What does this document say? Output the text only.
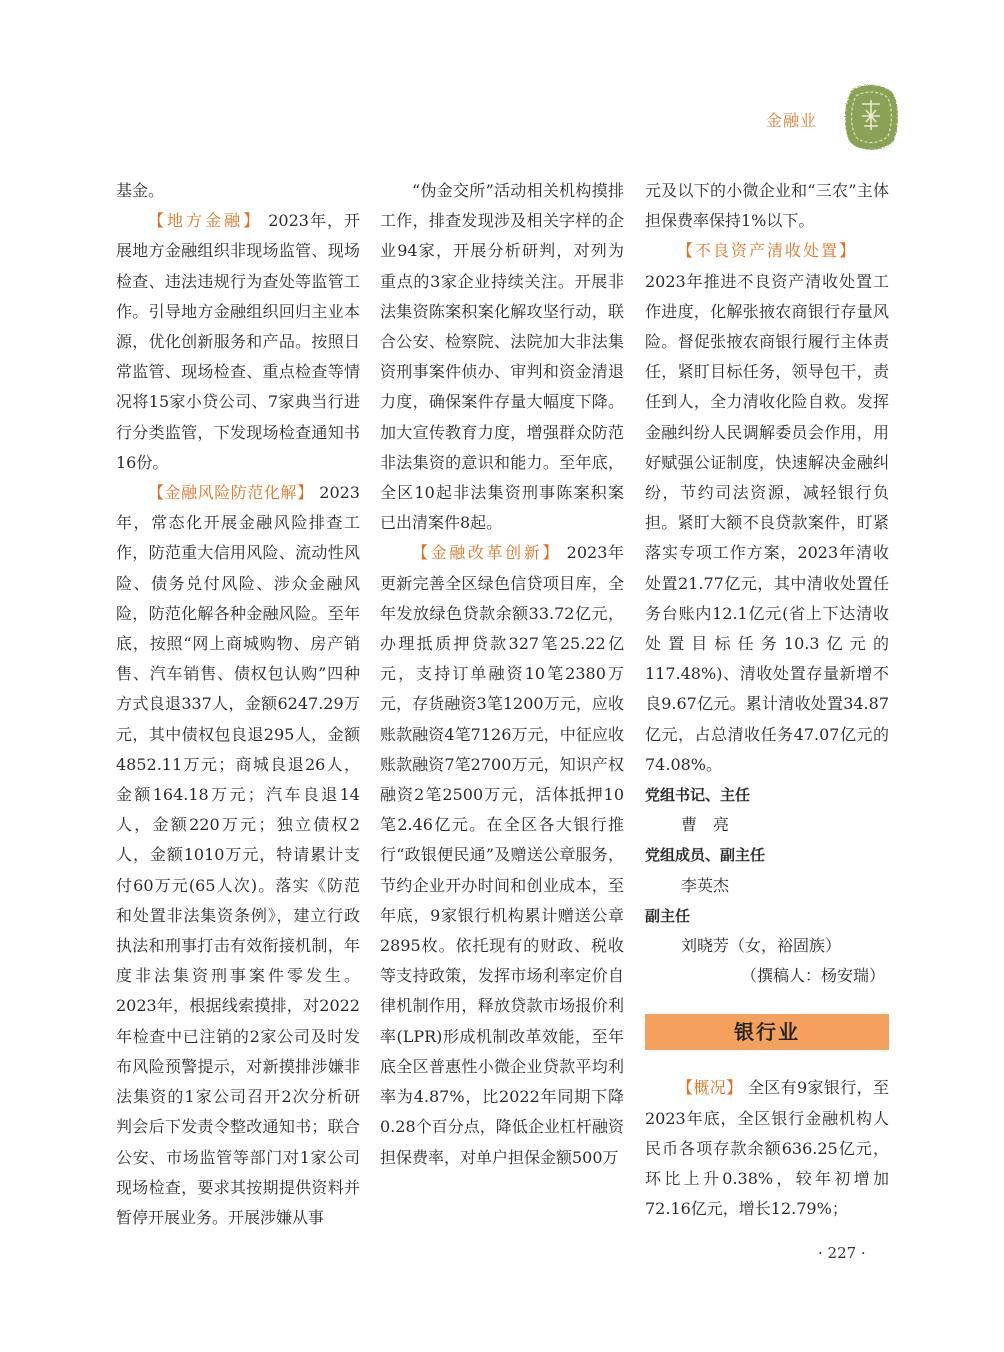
金融业

基金。

【地方金融】 2023年，开展地方金融组织非现场监管、现场检查、违法违规行为查处等监管工作。引导地方金融组织回归主业本源，优化创新服务和产品。按照日常监管、现场检查、重点检查等情况将15家小贷公司、7家典当行进行分类监管，下发现场检查通知书16份。

【金融风险防范化解】 2023年，常态化开展金融风险排查工作，防范重大信用风险、流动性风险、债务兑付风险、涉众金融风险，防范化解各种金融风险。至年底，按照“网上商城购物、房产销售、汽车销售、债权包认购”四种方式良退337人，金额6247.29万元，其中债权包良退295人，金额4852.11万元；商城良退26人，金额164.18万元；汽车良退14人，金额220万元；独立债权2人，金额1010万元，特请累计支付60万元(65人次)。落实《防范和处置非法集资条例》，建立行政执法和刑事打击有效衔接机制，年度非法集资刑事案件零发生。2023年，根据线索摸排，对2022年检查中已注销的2家公司及时发布风险预警提示，对新摸排涉嫌非法集资的1家公司召开2次分析研判会后下发责令整改通知书；联合公安、市场监管等部门对1家公司现场检查，要求其按期提供资料并暂停开展业务。开展涉嫌从事

“伪金交所”活动相关机构摸排工作，排查发现涉及相关字样的企业94家，开展分析研判，对列为重点的3家企业持续关注。开展非法集资陈案积案化解攻坚行动，联合公安、检察院、法院加大非法集资刑事案件侦办、审判和资金清退力度，确保案件存量大幅度下降。加大宣传教育力度，增强群众防范非法集资的意识和能力。至年底，全区10起非法集资刑事陈案积案已出清案件8起。

【金融改革创新】 2023年更新完善全区绿色信贷项目库，全年发放绿色贷款余额33.72亿元，办理抵质押贷款327笔25.22亿元，支持订单融资10笔2380万元，存货融资3笔1200万元，应收账款融资4笔7126万元，中征应收账款融资7笔2700万元，知识产权融资2笔2500万元，活体抵押10笔2.46亿元。在全区各大银行推行“政银便民通”及赠送公章服务，节约企业开办时间和创业成本，至年底，9家银行机构累计赠送公章2895枚。依托现有的财政、税收等支持政策，发挥市场利率定价自律机制作用，释放贷款市场报价利率(LPR)形成机制改革效能，至年底全区普惠性小微企业贷款平均利率为4.87%，比2022年同期下降0.28个百分点，降低企业杠杆融资担保费率，对单户担保金额500万

元及以下的小微企业和“三农”主体担保费率保持1%以下。

【不良资产清收处置】

2023年推进不良资产清收处置工作进度，化解张掖农商银行存量风险。督促张掖农商银行履行主体责任，紧盯目标任务，领导包干，责任到人，全力清收化险自救。发挥金融纠纷人民调解委员会作用，用好赋强公证制度，快速解决金融纠纷，节约司法资源，减轻银行负担。紧盯大额不良贷款案件，盯紧落实专项工作方案，2023年清收处置21.77亿元，其中清收处置任务台账内12.1亿元(省上下达清收处置目标任务10.3亿元的117.48%)、清收处置存量新增不良9.67亿元。累计清收处置34.87亿元，占总清收任务47.07亿元的74.08%。

党组书记、主任

曹　亮

党组成员、副主任

李英杰

副主任

刘晓芳（女，裕固族）

（撰稿人：杨安瑞）

银行业

【概况】 全区有9家银行，至2023年底，全区银行金融机构人民币各项存款余额636.25亿元，环比上升0.38%，较年初增加72.16亿元，增长12.79%；

· 227 ·
